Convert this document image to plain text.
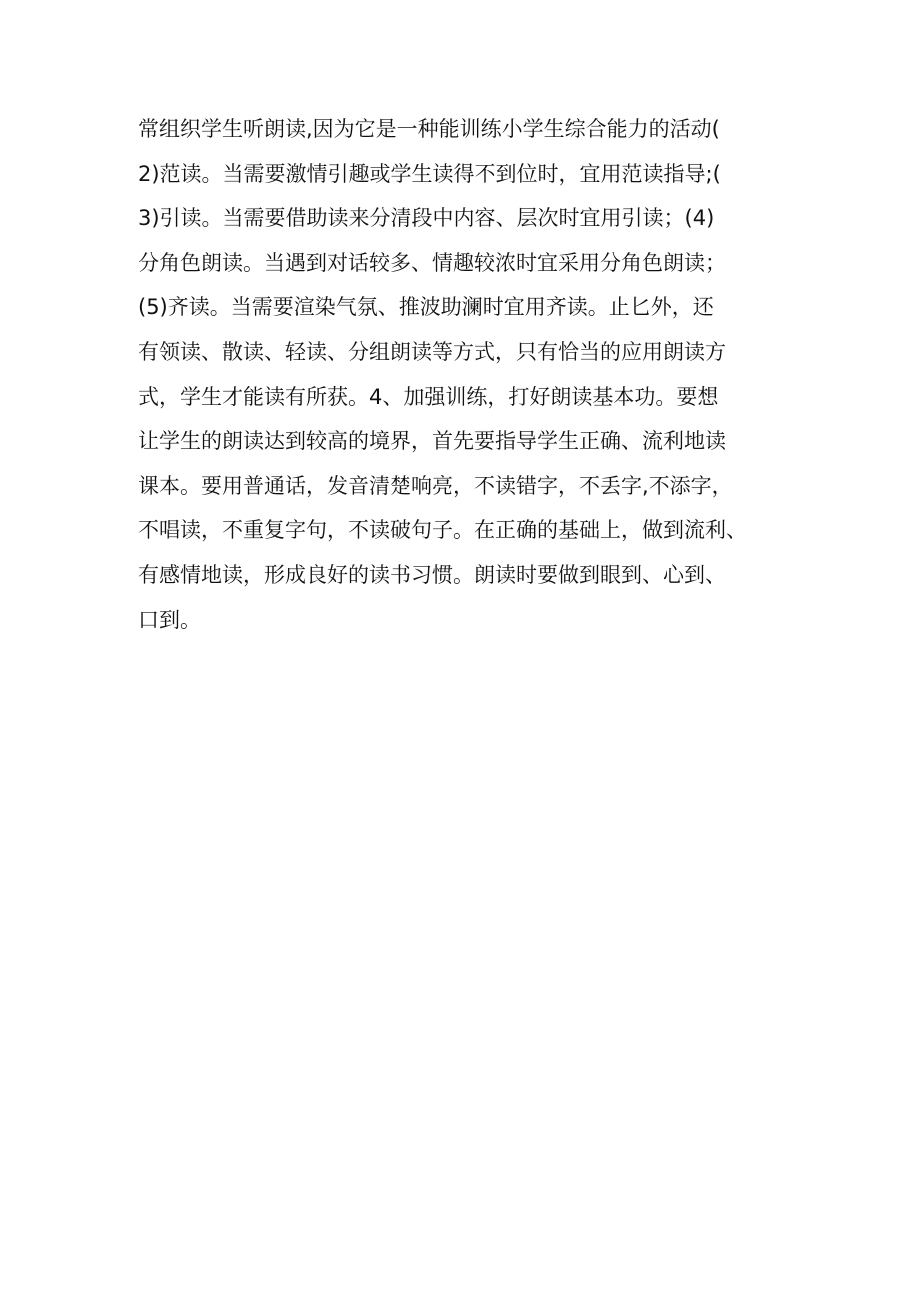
常组织学生听朗读,因为它是一种能训练小学生综合能力的活动(
2)范读。当需要激情引趣或学生读得不到位时，宜用范读指导;(
3)引读。当需要借助读来分清段中内容、层次时宜用引读；(4)
分角色朗读。当遇到对话较多、情趣较浓时宜采用分角色朗读；
(5)齐读。当需要渲染气氛、推波助澜时宜用齐读。止匕外，还
有领读、散读、轻读、分组朗读等方式，只有恰当的应用朗读方
式，学生才能读有所获。4、加强训练，打好朗读基本功。要想
让学生的朗读达到较高的境界，首先要指导学生正确、流利地读
课本。要用普通话，发音清楚响亮，不读错字，不丢字,不添字，
不唱读，不重复字句，不读破句子。在正确的基础上，做到流利、
有感情地读，形成良好的读书习惯。朗读时要做到眼到、心到、
口到。
